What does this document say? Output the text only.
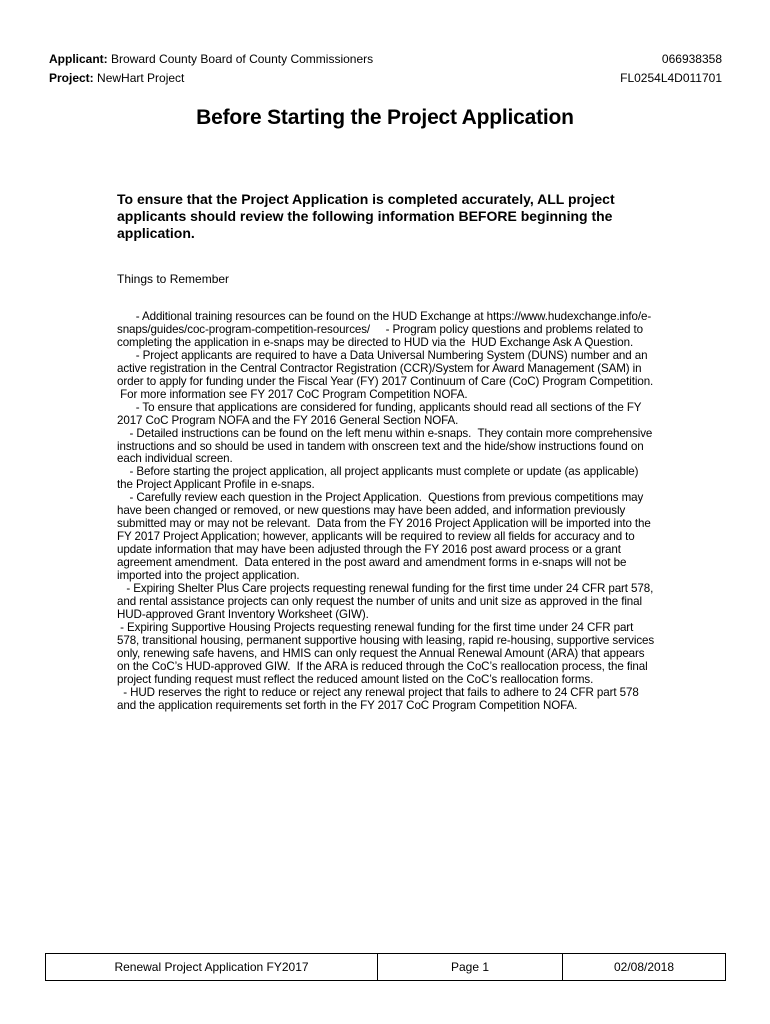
Applicant: Broward County Board of County Commissioners
Project: NewHart Project
066938358
FL0254L4D011701
Before Starting the Project Application
To ensure that the Project Application is completed accurately, ALL project applicants should review the following information BEFORE beginning the application.
Things to Remember

- Additional training resources can be found on the HUD Exchange at https://www.hudexchange.info/e-snaps/guides/coc-program-competition-resources/     - Program policy questions and problems related to completing the application in e-snaps may be directed to HUD via the  HUD Exchange Ask A Question.

- Project applicants are required to have a Data Universal Numbering System (DUNS) number and an active registration in the Central Contractor Registration (CCR)/System for Award Management (SAM) in order to apply for funding under the Fiscal Year (FY) 2017 Continuum of Care (CoC) Program Competition.  For more information see FY 2017 CoC Program Competition NOFA.

- To ensure that applications are considered for funding, applicants should read all sections of the FY 2017 CoC Program NOFA and the FY 2016 General Section NOFA.

- Detailed instructions can be found on the left menu within e-snaps.  They contain more comprehensive instructions and so should be used in tandem with onscreen text and the hide/show instructions found on each individual screen.

- Before starting the project application, all project applicants must complete or update (as applicable) the Project Applicant Profile in e-snaps.

- Carefully review each question in the Project Application.  Questions from previous competitions may have been changed or removed, or new questions may have been added, and information previously submitted may or may not be relevant.  Data from the FY 2016 Project Application will be imported into the FY 2017 Project Application; however, applicants will be required to review all fields for accuracy and to update information that may have been adjusted through the FY 2016 post award process or a grant agreement amendment.  Data entered in the post award and amendment forms in e-snaps will not be imported into the project application.

- Expiring Shelter Plus Care projects requesting renewal funding for the first time under 24 CFR part 578, and rental assistance projects can only request the number of units and unit size as approved in the final HUD-approved Grant Inventory Worksheet (GIW).

- Expiring Supportive Housing Projects requesting renewal funding for the first time under 24 CFR part 578, transitional housing, permanent supportive housing with leasing, rapid re-housing, supportive services only, renewing safe havens, and HMIS can only request the Annual Renewal Amount (ARA) that appears on the CoC’s HUD-approved GIW.  If the ARA is reduced through the CoC’s reallocation process, the final project funding request must reflect the reduced amount listed on the CoC’s reallocation forms.

- HUD reserves the right to reduce or reject any renewal project that fails to adhere to 24 CFR part 578 and the application requirements set forth in the FY 2017 CoC Program Competition NOFA.

Renewal Project Application FY2017	Page 1	02/08/2018
